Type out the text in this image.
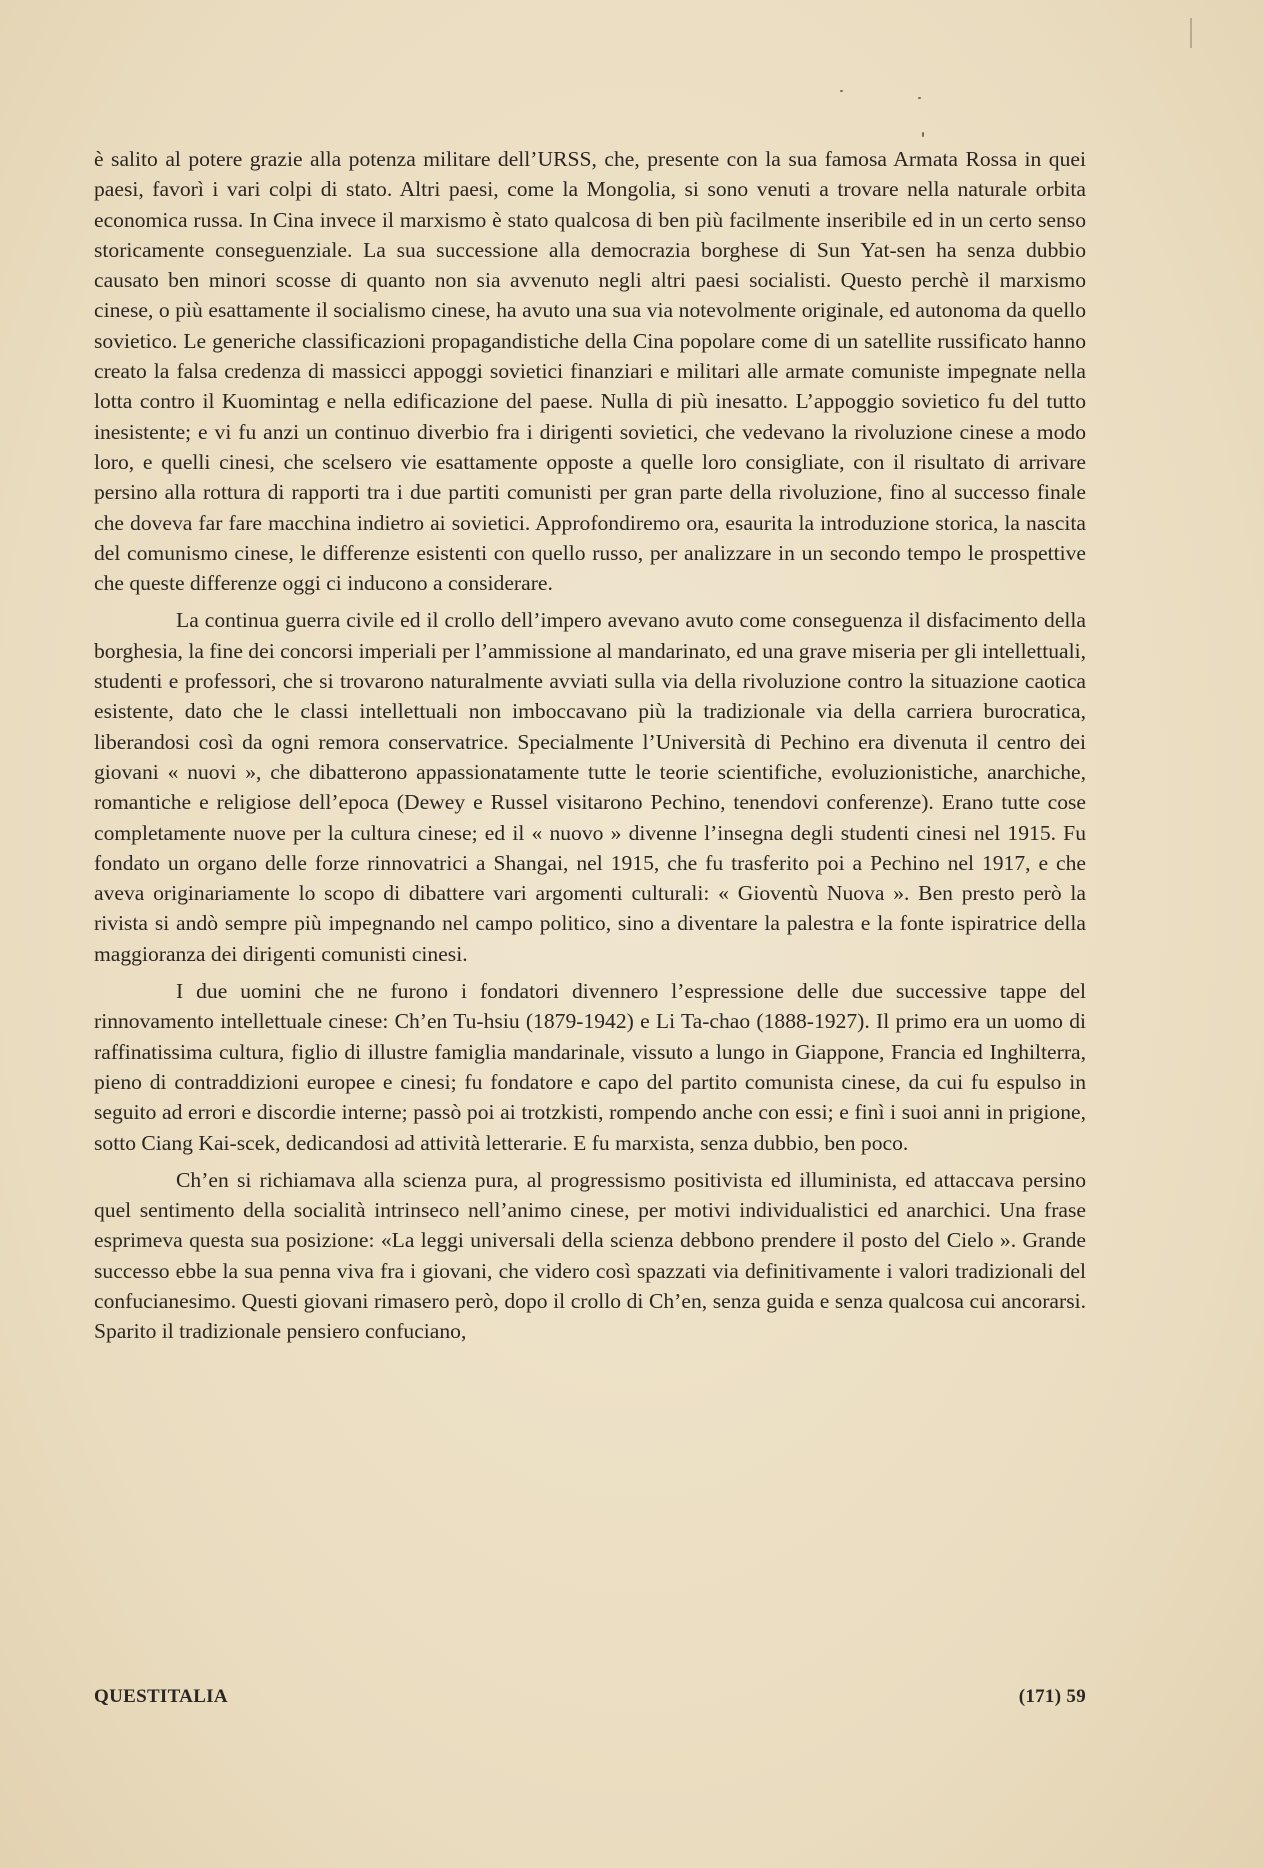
è salito al potere grazie alla potenza militare dell’URSS, che, presente con la sua famosa Armata Rossa in quei paesi, favorì i vari colpi di stato. Altri paesi, come la Mongolia, si sono venuti a trovare nella naturale orbita economica russa. In Cina invece il marxismo è stato qualcosa di ben più facilmente inseribile ed in un certo senso storicamente conseguenziale. La sua successione alla democrazia borghese di Sun Yat-sen ha senza dubbio causato ben minori scosse di quanto non sia avvenuto negli altri paesi socialisti. Questo perchè il marxismo cinese, o più esattamente il socialismo cinese, ha avuto una sua via notevolmente originale, ed autonoma da quello sovietico. Le generiche classificazioni propagandistiche della Cina popolare come di un satellite russificato hanno creato la falsa credenza di massicci appoggi sovietici finanziari e militari alle armate comuniste impegnate nella lotta contro il Kuomintag e nella edificazione del paese. Nulla di più inesatto. L’appoggio sovietico fu del tutto inesistente; e vi fu anzi un continuo diverbio fra i dirigenti sovietici, che vedevano la rivoluzione cinese a modo loro, e quelli cinesi, che scelsero vie esattamente opposte a quelle loro consigliate, con il risultato di arrivare persino alla rottura di rapporti tra i due partiti comunisti per gran parte della rivoluzione, fino al successo finale che doveva far fare macchina indietro ai sovietici. Approfondiremo ora, esaurita la introduzione storica, la nascita del comunismo cinese, le differenze esistenti con quello russo, per analizzare in un secondo tempo le prospettive che queste differenze oggi ci inducono a considerare.

La continua guerra civile ed il crollo dell’impero avevano avuto come conseguenza il disfacimento della borghesia, la fine dei concorsi imperiali per l’ammissione al mandarinato, ed una grave miseria per gli intellettuali, studenti e professori, che si trovarono naturalmente avviati sulla via della rivoluzione contro la situazione caotica esistente, dato che le classi intellettuali non imboccavano più la tradizionale via della carriera burocratica, liberandosi così da ogni remora conservatrice. Specialmente l’Università di Pechino era divenuta il centro dei giovani « nuovi », che dibatterono appassionatamente tutte le teorie scientifiche, evoluzionistiche, anarchiche, romantiche e religiose dell’epoca (Dewey e Russel visitarono Pechino, tenendovi conferenze). Erano tutte cose completamente nuove per la cultura cinese; ed il « nuovo » divenne l’insegna degli studenti cinesi nel 1915. Fu fondato un organo delle forze rinnovatrici a Shangai, nel 1915, che fu trasferito poi a Pechino nel 1917, e che aveva originariamente lo scopo di dibattere vari argomenti culturali: « Gioventù Nuova ». Ben presto però la rivista si andò sempre più impegnando nel campo politico, sino a diventare la palestra e la fonte ispiratrice della maggioranza dei dirigenti comunisti cinesi.

I due uomini che ne furono i fondatori divennero l’espressione delle due successive tappe del rinnovamento intellettuale cinese: Ch’en Tu-hsiu (1879-1942) e Li Ta-chao (1888-1927). Il primo era un uomo di raffinatissima cultura, figlio di illustre famiglia mandarinale, vissuto a lungo in Giappone, Francia ed Inghilterra, pieno di contraddizioni europee e cinesi; fu fondatore e capo del partito comunista cinese, da cui fu espulso in seguito ad errori e discordie interne; passò poi ai trotzkisti, rompendo anche con essi; e finì i suoi anni in prigione, sotto Ciang Kai-scek, dedicandosi ad attività letterarie. E fu marxista, senza dubbio, ben poco.

Ch’en si richiamava alla scienza pura, al progressismo positivista ed illuminista, ed attaccava persino quel sentimento della socialità intrinseco nell’animo cinese, per motivi individualistici ed anarchici. Una frase esprimeva questa sua posizione: «La leggi universali della scienza debbono prendere il posto del Cielo ». Grande successo ebbe la sua penna viva fra i giovani, che videro così spazzati via definitivamente i valori tradizionali del confucianesimo. Questi giovani rimasero però, dopo il crollo di Ch’en, senza guida e senza qualcosa cui ancorarsi. Sparito il tradizionale pensiero confuciano,

QUESTITALIA	(171) 59
